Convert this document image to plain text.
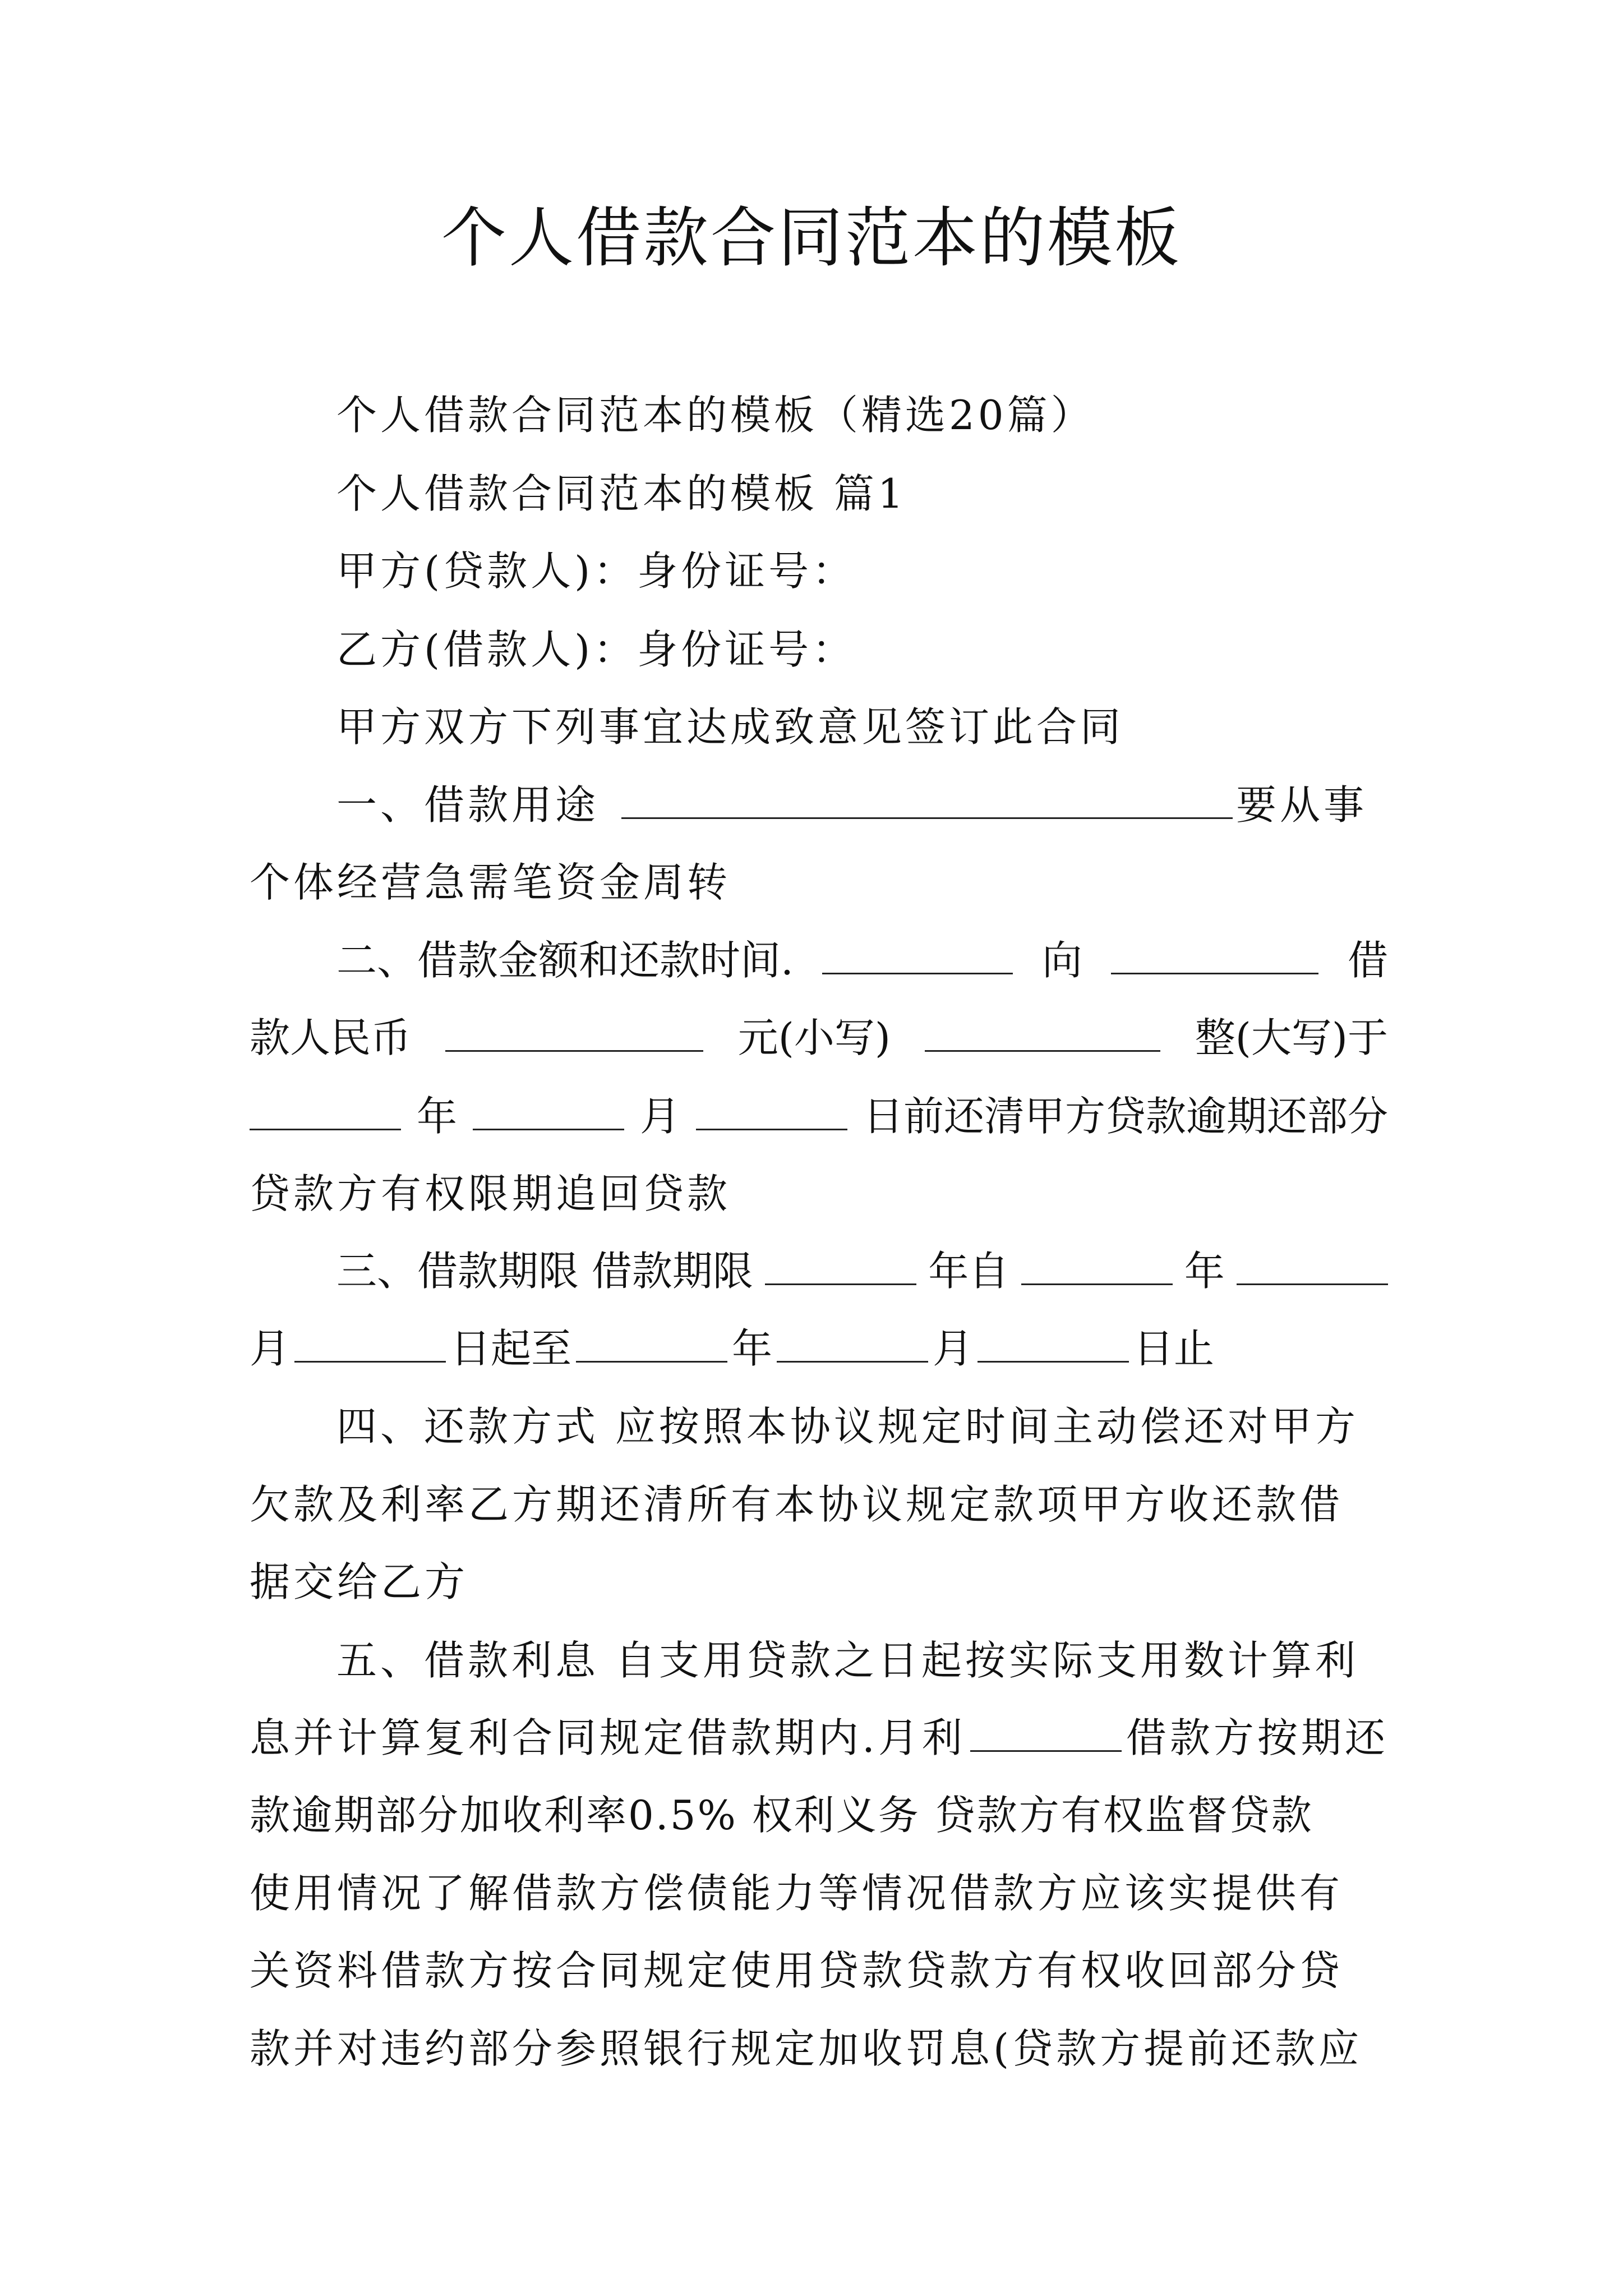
个人借款合同范本的模板
个人借款合同范本的模板（精选20篇）
个人借款合同范本的模板 篇1
甲方(贷款人)：身份证号：
乙方(借款人)：身份证号：
甲方双方下列事宜达成致意见签订此合同
一、借款用途	要从事
个体经营急需笔资金周转
二、借款金额和还款时间.	向	借
款人民币	元(小写)	整(大写)于
年	月	日前还清甲方贷款逾期还部分
贷款方有权限期追回贷款
三、借款期限 借款期限	年自	年
月	日起至	年	月	日止
四、还款方式 应按照本协议规定时间主动偿还对甲方
欠款及利率乙方期还清所有本协议规定款项甲方收还款借
据交给乙方
五、借款利息 自支用贷款之日起按实际支用数计算利
息并计算复利合同规定借款期内.月利	借款方按期还
款逾期部分加收利率0.5% 权利义务 贷款方有权监督贷款
使用情况了解借款方偿债能力等情况借款方应该实提供有
关资料借款方按合同规定使用贷款贷款方有权收回部分贷
款并对违约部分参照银行规定加收罚息(贷款方提前还款应
